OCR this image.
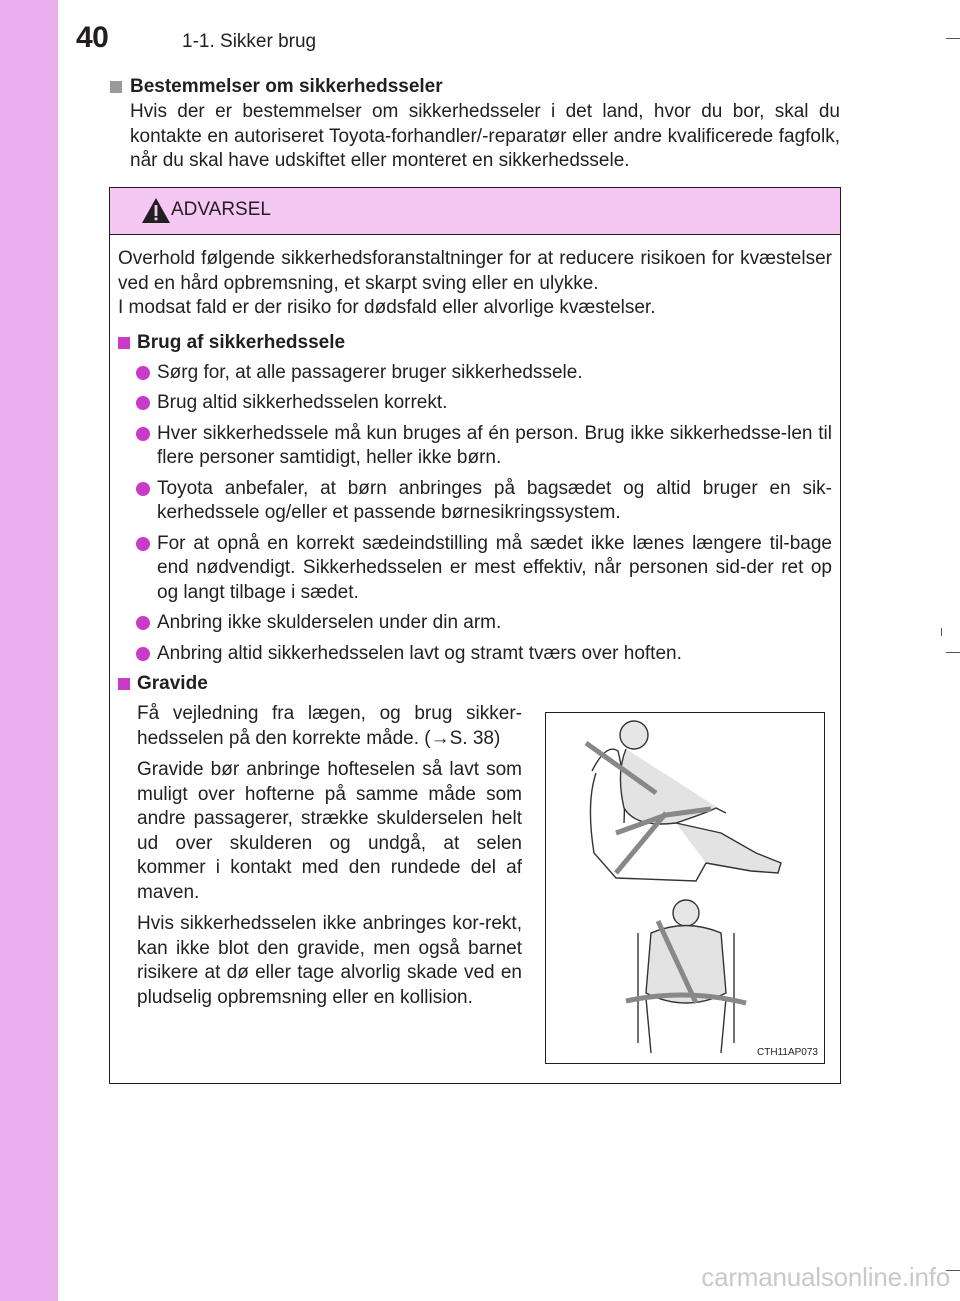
40	1-1. Sikker brug
Bestemmelser om sikkerhedsseler
Hvis der er bestemmelser om sikkerhedsseler i det land, hvor du bor, skal du kontakte en autoriseret Toyota-forhandler/-reparatør eller andre kvalificerede fagfolk, når du skal have udskiftet eller monteret en sikkerhedssele.
ADVARSEL

Overhold følgende sikkerhedsforanstaltninger for at reducere risikoen for kvæstelser ved en hård opbremsning, et skarpt sving eller en ulykke.

I modsat fald er der risiko for dødsfald eller alvorlige kvæstelser.

Brug af sikkerhedssele
Sørg for, at alle passagerer bruger sikkerhedssele.
Brug altid sikkerhedsselen korrekt.
Hver sikkerhedssele må kun bruges af én person. Brug ikke sikkerhedsse-len til flere personer samtidigt, heller ikke børn.
Toyota anbefaler, at børn anbringes på bagsædet og altid bruger en sik-kerhedssele og/eller et passende børnesikringssystem.
For at opnå en korrekt sædeindstilling må sædet ikke lænes længere til-bage end nødvendigt. Sikkerhedsselen er mest effektiv, når personen sid-der ret op og langt tilbage i sædet.
Anbring ikke skulderselen under din arm.
Anbring altid sikkerhedsselen lavt og stramt tværs over hoften.
Gravide

Få vejledning fra lægen, og brug sikker-hedsselen på den korrekte måde. (→S. 38)

Gravide bør anbringe hofteselen så lavt som muligt over hofterne på samme måde som andre passagerer, strække skulderselen helt ud over skulderen og undgå, at selen kommer i kontakt med den rundede del af maven.

Hvis sikkerhedsselen ikke anbringes kor-rekt, kan ikke blot den gravide, men også barnet risikere at dø eller tage alvorlig skade ved en pludselig opbremsning eller en kollision.

CTH11AP073
carmanualsonline.info
